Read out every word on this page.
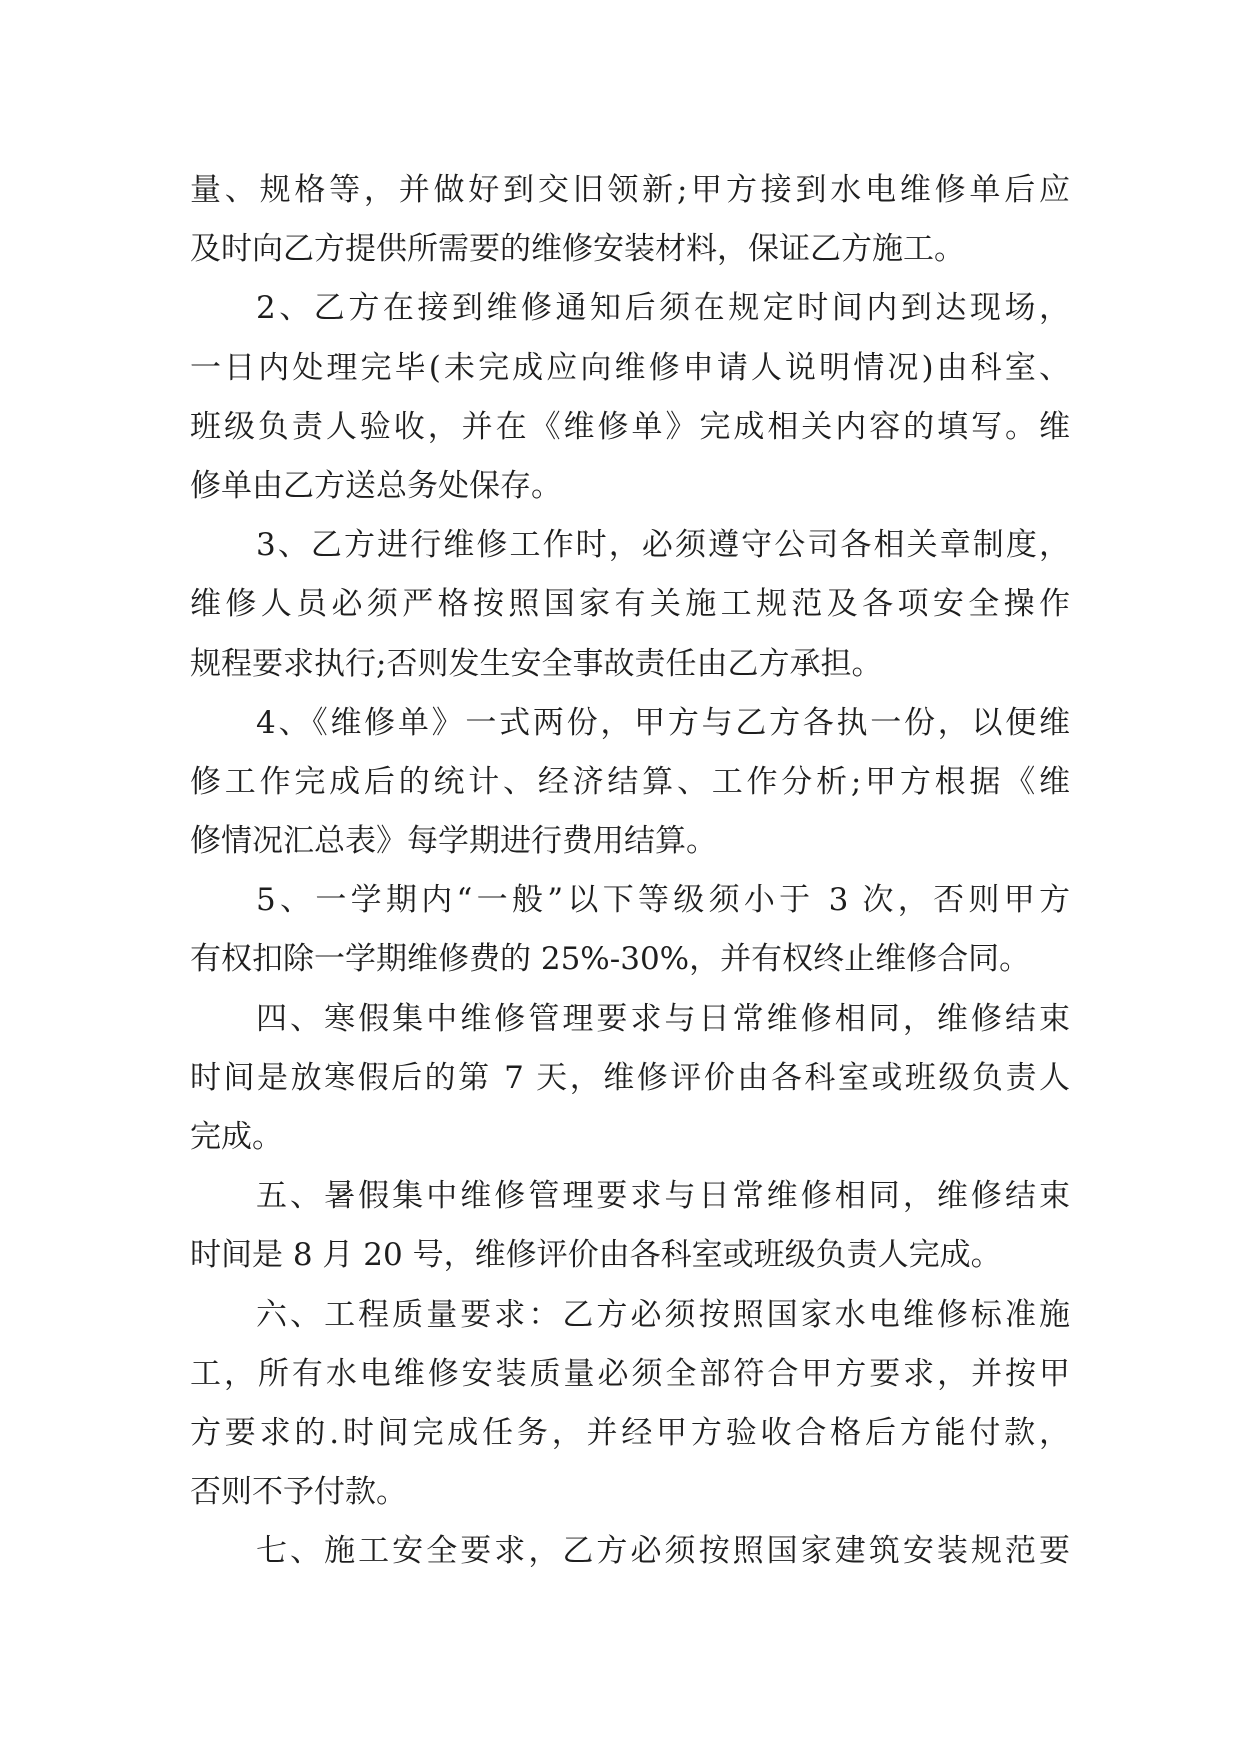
量、规格等，并做好到交旧领新;甲方接到水电维修单后应
及时向乙方提供所需要的维修安装材料，保证乙方施工。
2、乙方在接到维修通知后须在规定时间内到达现场，
一日内处理完毕(未完成应向维修申请人说明情况)由科室、
班级负责人验收，并在《维修单》完成相关内容的填写。维
修单由乙方送总务处保存。
3、乙方进行维修工作时，必须遵守公司各相关章制度，
维修人员必须严格按照国家有关施工规范及各项安全操作
规程要求执行;否则发生安全事故责任由乙方承担。
4、《维修单》一式两份，甲方与乙方各执一份，以便维
修工作完成后的统计、经济结算、工作分析;甲方根据《维
修情况汇总表》每学期进行费用结算。
5、一学期内“一般”以下等级须小于 3 次，否则甲方
有权扣除一学期维修费的 25%-30%，并有权终止维修合同。
四、寒假集中维修管理要求与日常维修相同，维修结束
时间是放寒假后的第 7 天，维修评价由各科室或班级负责人
完成。
五、暑假集中维修管理要求与日常维修相同，维修结束
时间是 8 月 20 号，维修评价由各科室或班级负责人完成。
六、工程质量要求：乙方必须按照国家水电维修标准施
工，所有水电维修安装质量必须全部符合甲方要求，并按甲
方要求的.时间完成任务，并经甲方验收合格后方能付款，
否则不予付款。
七、施工安全要求，乙方必须按照国家建筑安装规范要
